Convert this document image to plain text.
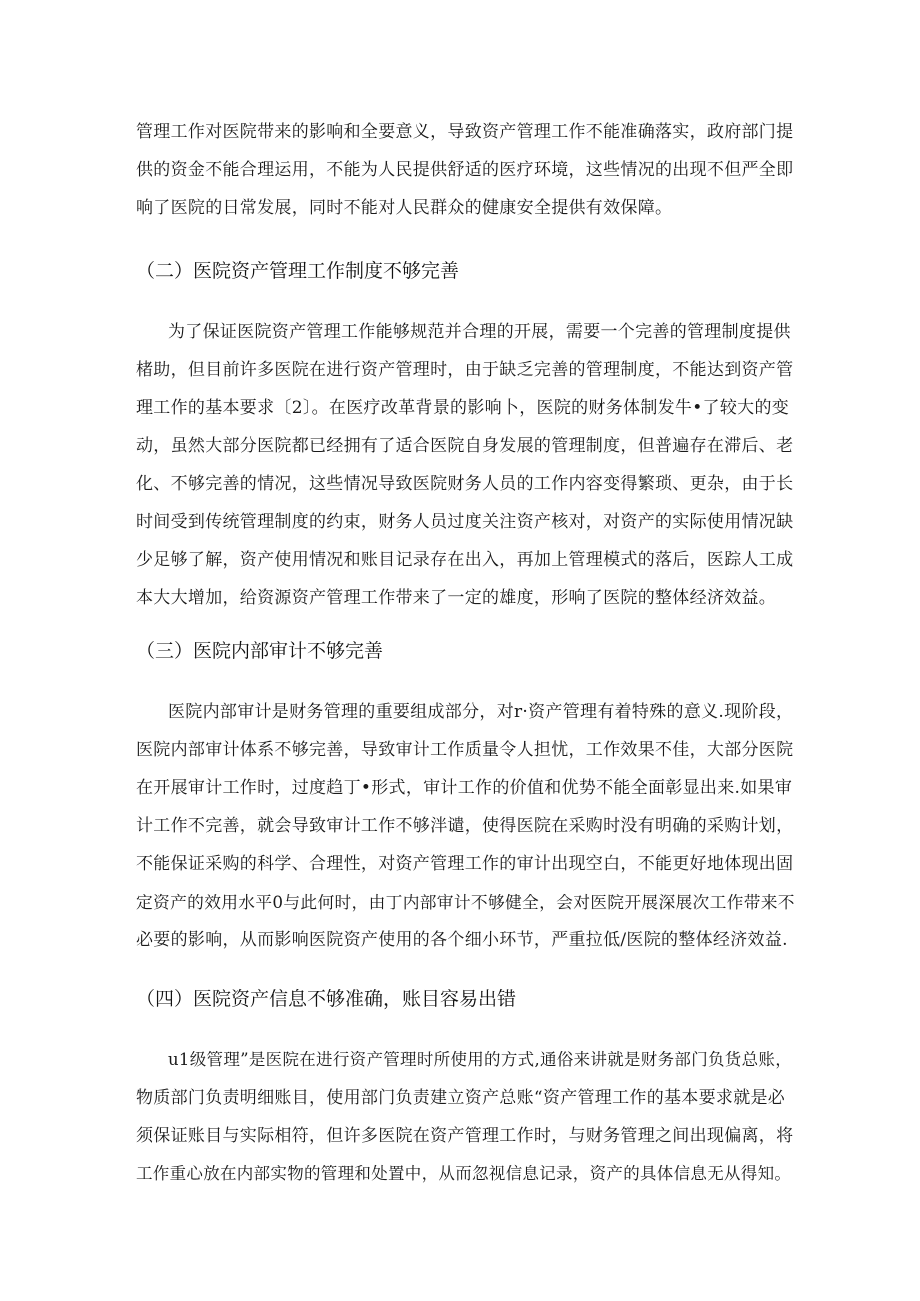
管理工作对医院带来的影响和全要意义，导致资产管理工作不能准确落实，政府部门提
供的资金不能合理运用，不能为人民提供舒适的医疗环境，这些情况的出现不但严全即
响了医院的日常发展，同时不能对人民群众的健康安全提供有效保障。
（二）医院资产管理工作制度不够完善
为了保证医院资产管理工作能够规范并合理的开展，需要一个完善的管理制度提供
楮助，但目前许多医院在进行资产管理时，由于缺乏完善的管理制度，不能达到资产管
理工作的基本要求〔2〕。在医疗改革背景的影响卜，医院的财务体制发牛•了较大的变
动，虽然大部分医院都已经拥有了适合医院自身发展的管理制度，但普遍存在滞后、老
化、不够完善的情况，这些情况导致医院财务人员的工作内容变得繁琐、更杂，由于长
时间受到传统管理制度的约束，财务人员过度关注资产核对，对资产的实际使用情况缺
少足够了解，资产使用情况和账目记录存在出入，再加上管理模式的落后，医踪人工成
本大大增加，给资源资产管理工作带来了一定的雄度，形响了医院的整体经济效益。
（三）医院内部审计不够完善
医院内部审计是财务管理的重要组成部分，对r·资产管理有着特殊的意义.现阶段，
医院内部审计体系不够完善，导致审计工作质量令人担忧，工作效果不佳，大部分医院
在开展审计工作时，过度趋丁•形式，审计工作的价值和优势不能全面彰显出来.如果审
计工作不完善，就会导致审计工作不够泮谴，使得医院在采购时没有明确的采购计划，
不能保证采购的科学、合理性，对资产管理工作的审计出现空白，不能更好地体现出固
定资产的效用水平0与此何时，由丁内部审计不够健全，会对医院开展深展次工作带来不
必要的影响，从而影响医院资产使用的各个细小环节，严重拉低/医院的整体经济效益.
（四）医院资产信息不够准确，账目容易出错
u1级管理”是医院在进行资产管理时所使用的方式,通俗来讲就是财务部门负货总账，
物质部门负责明细账目，使用部门负责建立资产总账“资产管理工作的基本要求就是必
须保证账目与实际相符，但许多医院在资产管理工作时，与财务管理之间出现偏离，将
工作重心放在内部实物的管理和处置中，从而忽视信息记录，资产的具体信息无从得知。
